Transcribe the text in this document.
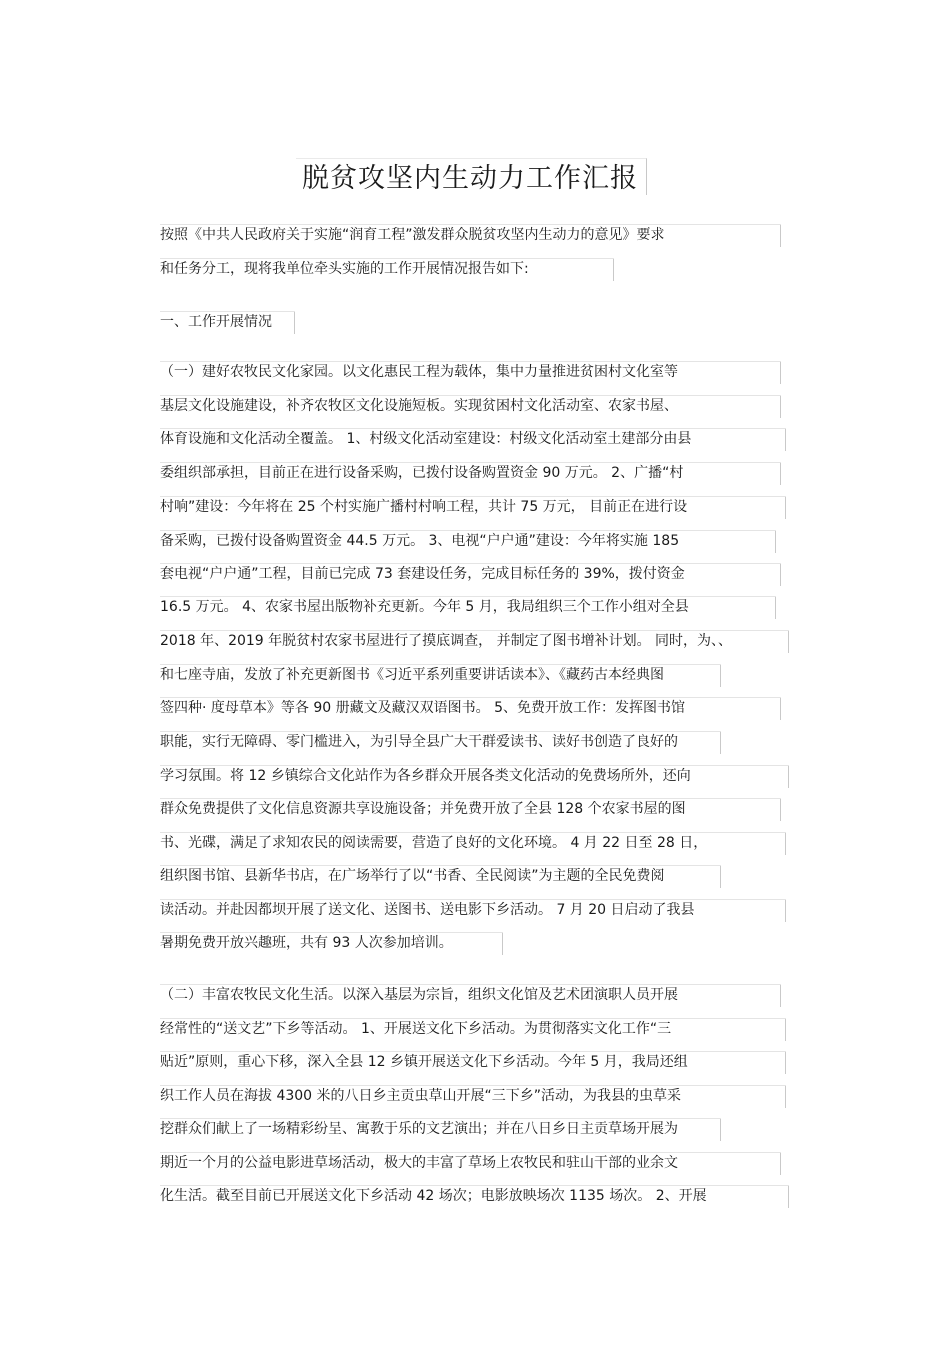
脱贫攻坚内生动力工作汇报
按照《中共人民政府关于实施“润育工程”激发群众脱贫攻坚内生动力的意见》要求
和任务分工，现将我单位牵头实施的工作开展情况报告如下:
一、工作开展情况
（一）建好农牧民文化家园。以文化惠民工程为载体，集中力量推进贫困村文化室等
基层文化设施建设，补齐农牧区文化设施短板。实现贫困村文化活动室、农家书屋、
体育设施和文化活动全覆盖。 1、村级文化活动室建设：村级文化活动室土建部分由县
委组织部承担，目前正在进行设备采购，已拨付设备购置资金 90 万元。 2、广播“村
村响”建设：今年将在 25 个村实施广播村村响工程，共计 75 万元， 目前正在进行设
备采购，已拨付设备购置资金 44.5 万元。 3、电视“户户通”建设：今年将实施 185
套电视“户户通”工程，目前已完成 73 套建设任务，完成目标任务的 39%，拨付资金
16.5 万元。 4、农家书屋出版物补充更新。今年 5 月，我局组织三个工作小组对全县
2018 年、2019 年脱贫村农家书屋进行了摸底调查， 并制定了图书增补计划。 同时，为、、
和七座寺庙，发放了补充更新图书《习近平系列重要讲话读本》、《藏药古本经典图
签四种· 度母草本》等各 90 册藏文及藏汉双语图书。 5、免费开放工作：发挥图书馆
职能，实行无障碍、零门槛进入，为引导全县广大干群爱读书、读好书创造了良好的
学习氛围。将 12 乡镇综合文化站作为各乡群众开展各类文化活动的免费场所外，还向
群众免费提供了文化信息资源共享设施设备；并免费开放了全县 128 个农家书屋的图
书、光碟，满足了求知农民的阅读需要，营造了良好的文化环境。 4 月 22 日至 28 日，
组织图书馆、县新华书店，在广场举行了以“书香、全民阅读”为主题的全民免费阅
读活动。并赴因都坝开展了送文化、送图书、送电影下乡活动。 7 月 20 日启动了我县
暑期免费开放兴趣班，共有 93 人次参加培训。
（二）丰富农牧民文化生活。以深入基层为宗旨，组织文化馆及艺术团演职人员开展
经常性的“送文艺”下乡等活动。 1、开展送文化下乡活动。为贯彻落实文化工作“三
贴近”原则，重心下移，深入全县 12 乡镇开展送文化下乡活动。今年 5 月，我局还组
织工作人员在海拔 4300 米的八日乡主贡虫草山开展“三下乡”活动，为我县的虫草采
挖群众们献上了一场精彩纷呈、寓教于乐的文艺演出；并在八日乡日主贡草场开展为
期近一个月的公益电影进草场活动，极大的丰富了草场上农牧民和驻山干部的业余文
化生活。截至目前已开展送文化下乡活动 42 场次；电影放映场次 1135 场次。 2、开展
